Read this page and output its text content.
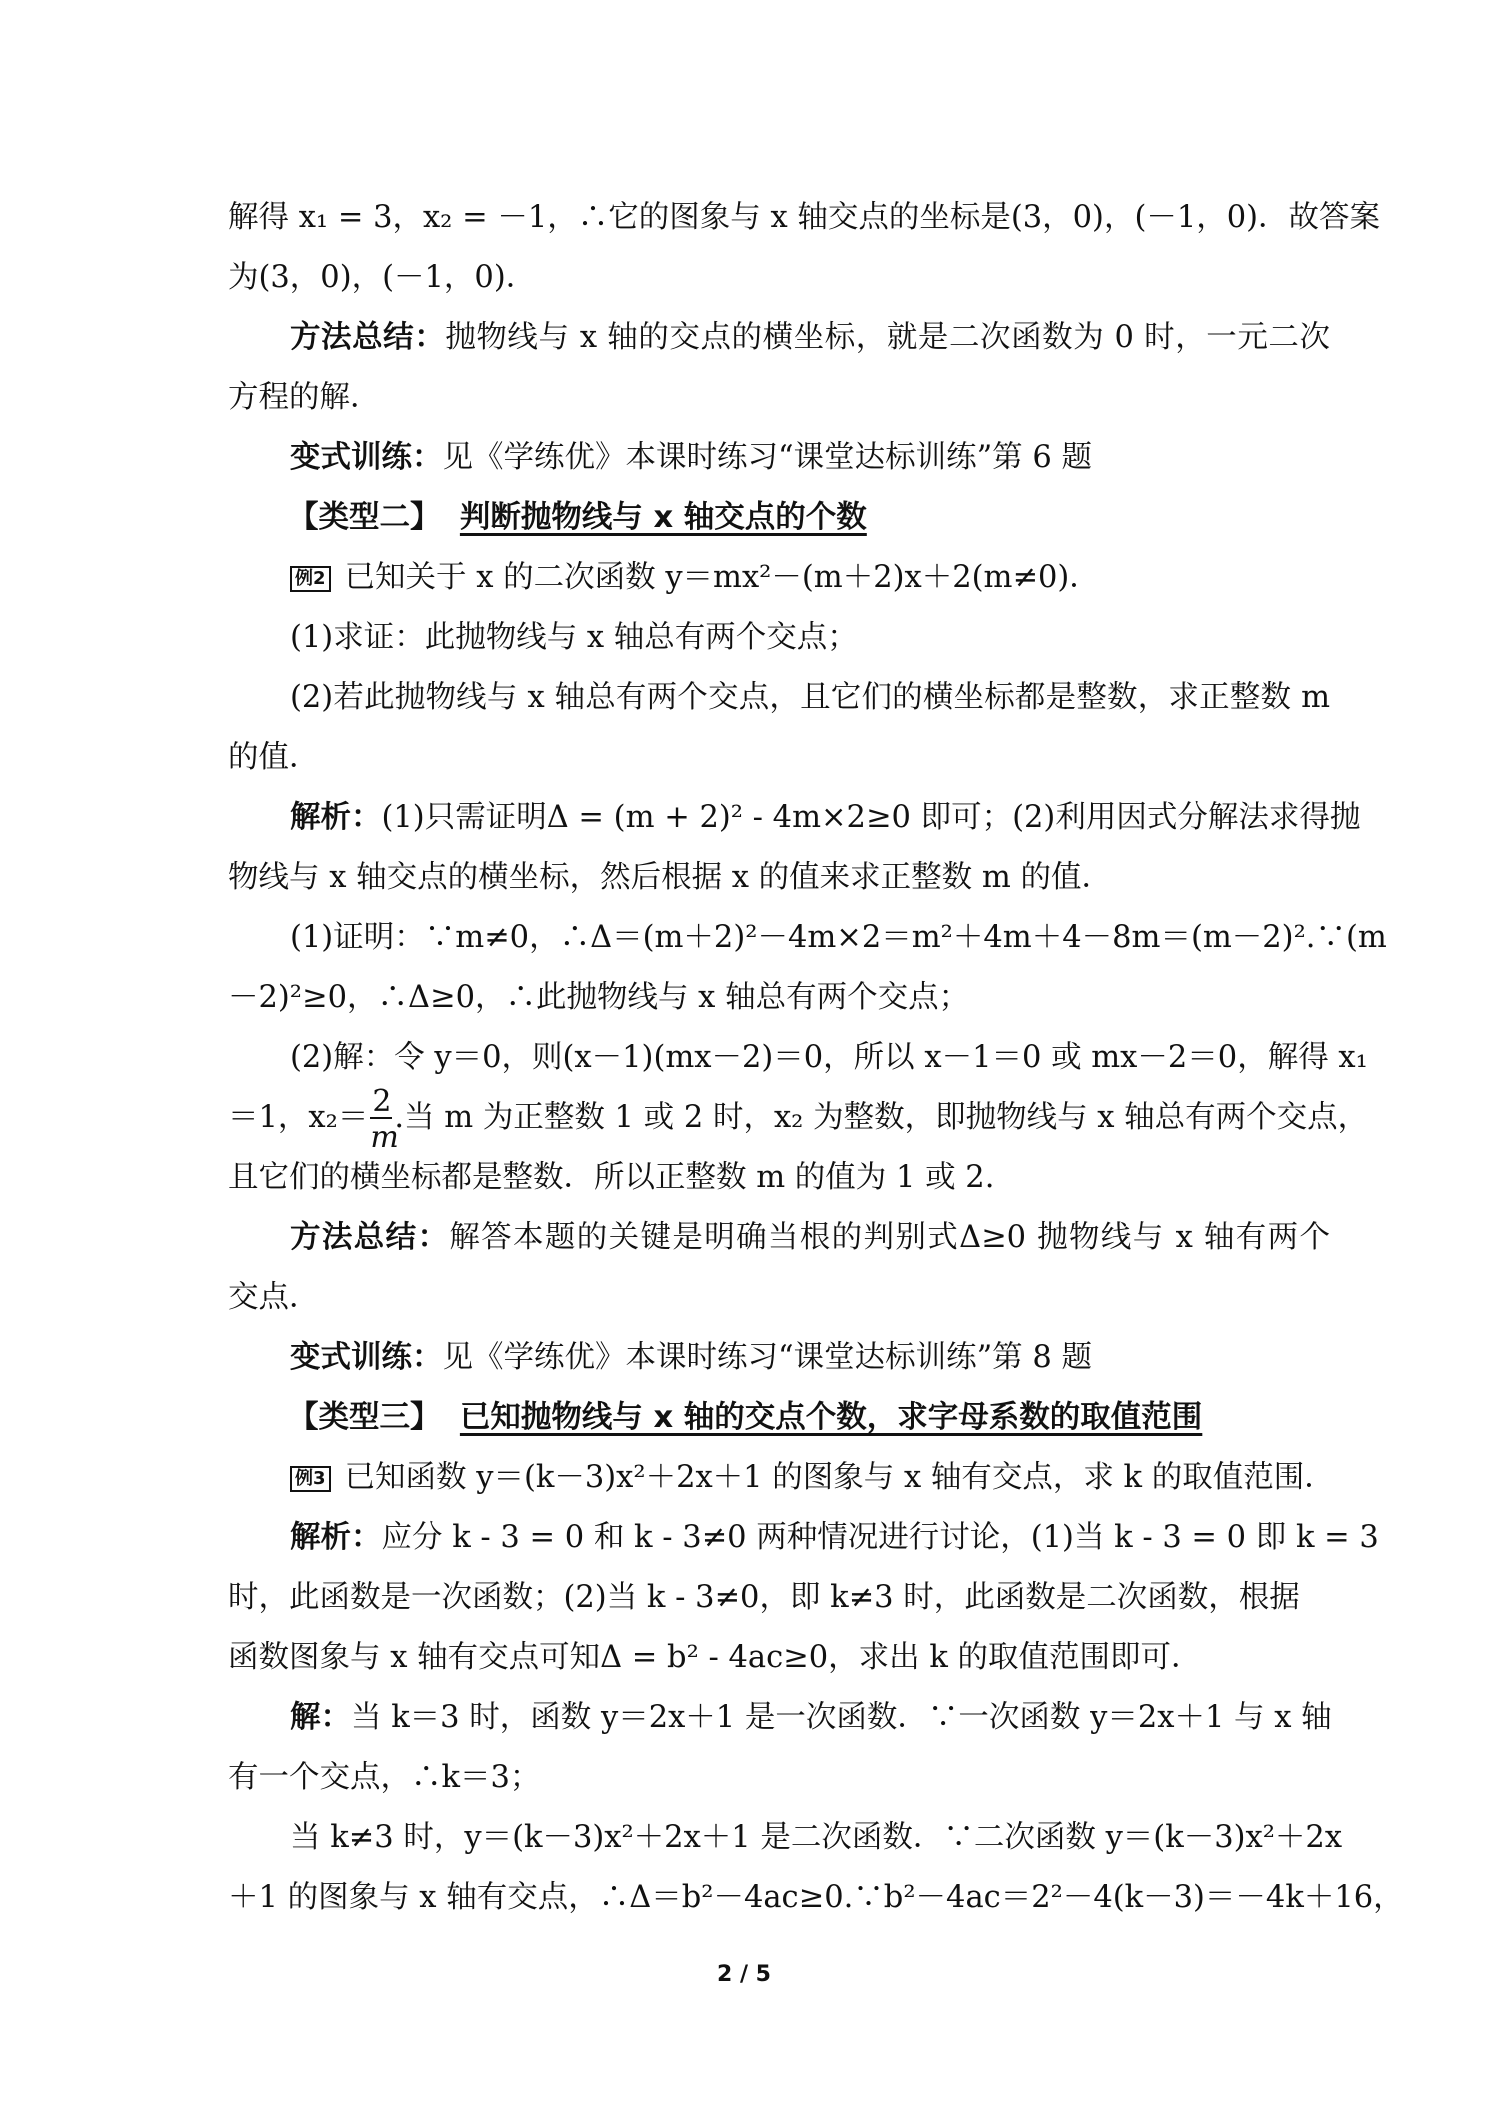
解得 x₁ = 3，x₂ = －1，∴它的图象与 x 轴交点的坐标是(3，0)，(－1，0)．故答案
为(3，0)，(－1，0)．
方法总结：抛物线与 x 轴的交点的横坐标，就是二次函数为 0 时，一元二次
方程的解．
变式训练：见《学练优》本课时练习“课堂达标训练”第 6 题
【类型二】 判断抛物线与 x 轴交点的个数
例2 已知关于 x 的二次函数 y＝mx²－(m＋2)x＋2(m≠0)．
(1)求证：此抛物线与 x 轴总有两个交点；
(2)若此抛物线与 x 轴总有两个交点，且它们的横坐标都是整数，求正整数 m
的值．
解析：(1)只需证明Δ = (m + 2)² - 4m×2≥0 即可；(2)利用因式分解法求得抛
物线与 x 轴交点的横坐标，然后根据 x 的值来求正整数 m 的值．
(1)证明：∵m≠0，∴Δ＝(m＋2)²－4m×2＝m²＋4m＋4－8m＝(m－2)².∵(m
－2)²≥0，∴Δ≥0，∴此抛物线与 x 轴总有两个交点；
(2)解：令 y＝0，则(x－1)(mx－2)＝0，所以 x－1＝0 或 mx－2＝0，解得 x₁
＝1，x₂＝ 2
m
.当 m 为正整数 1 或 2 时，x₂ 为整数，即抛物线与 x 轴总有两个交点，
且它们的横坐标都是整数．所以正整数 m 的值为 1 或 2.
方法总结：解答本题的关键是明确当根的判别式Δ≥0 抛物线与 x 轴有两个
交点．
变式训练：见《学练优》本课时练习“课堂达标训练”第 8 题
【类型三】 已知抛物线与 x 轴的交点个数，求字母系数的取值范围
例3 已知函数 y＝(k－3)x²＋2x＋1 的图象与 x 轴有交点，求 k 的取值范围．
解析：应分 k - 3 = 0 和 k - 3≠0 两种情况进行讨论，(1)当 k - 3 = 0 即 k = 3
时，此函数是一次函数；(2)当 k - 3≠0，即 k≠3 时，此函数是二次函数，根据
函数图象与 x 轴有交点可知Δ = b² - 4ac≥0，求出 k 的取值范围即可．
解：当 k＝3 时，函数 y＝2x＋1 是一次函数．∵一次函数 y＝2x＋1 与 x 轴
有一个交点，∴k＝3；
当 k≠3 时，y＝(k－3)x²＋2x＋1 是二次函数．∵二次函数 y＝(k－3)x²＋2x
＋1 的图象与 x 轴有交点，∴Δ＝b²－4ac≥0.∵b²－4ac＝2²－4(k－3)＝－4k＋16，
2 / 5
